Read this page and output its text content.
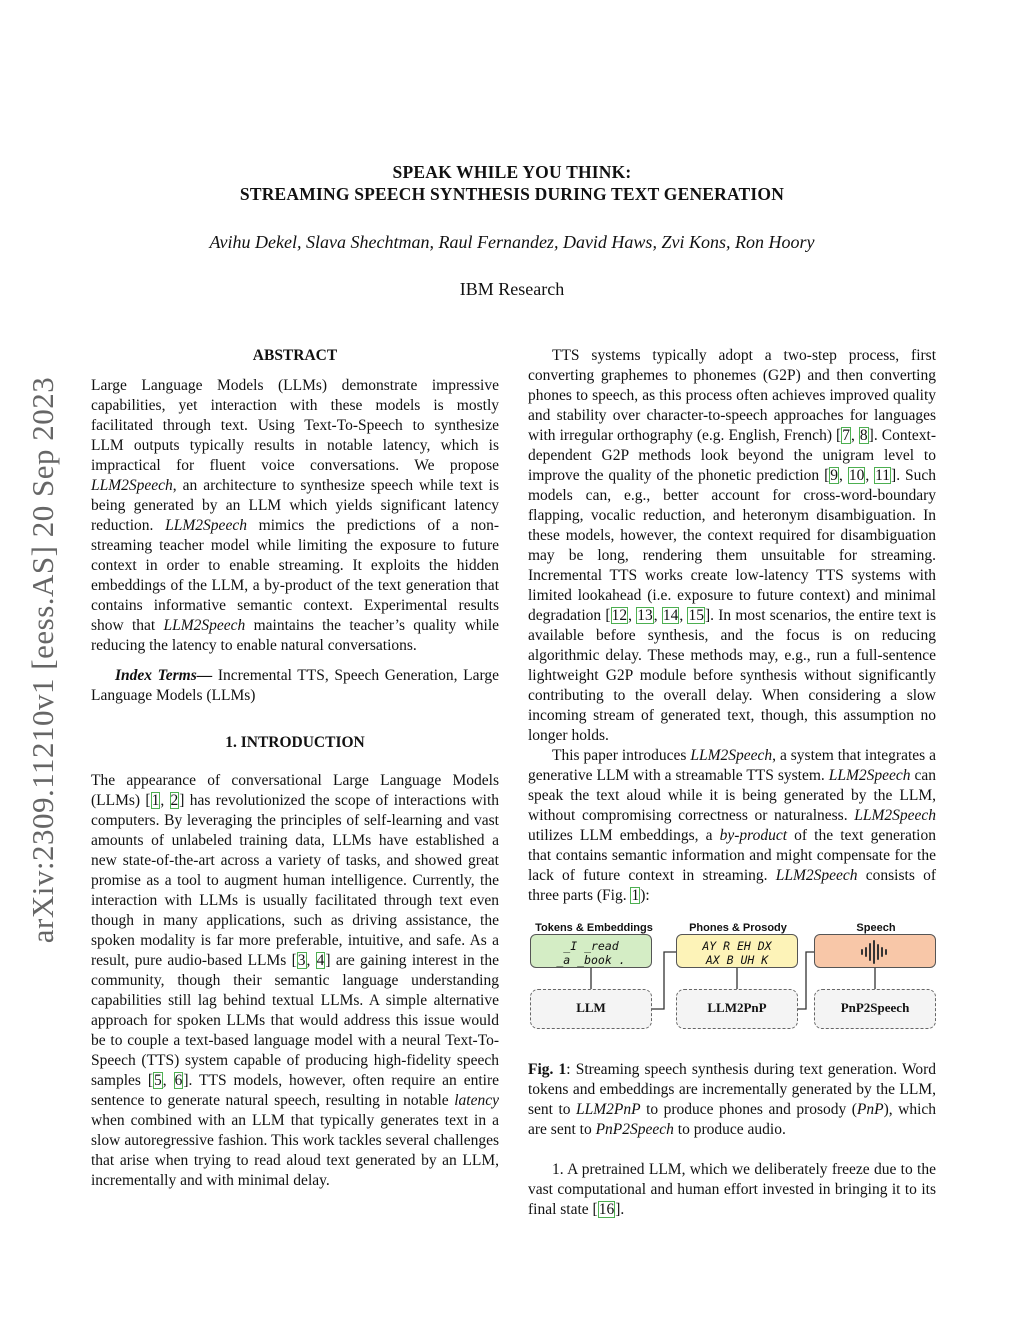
arXiv:2309.11210v1 [eess.AS] 20 Sep 2023
SPEAK WHILE YOU THINK:
STREAMING SPEECH SYNTHESIS DURING TEXT GENERATION
Avihu Dekel, Slava Shechtman, Raul Fernandez, David Haws, Zvi Kons, Ron Hoory
IBM Research
ABSTRACT

Large Language Models (LLMs) demonstrate impressive capabilities, yet interaction with these models is mostly facilitated through text. Using Text-To-Speech to synthesize LLM outputs typically results in notable latency, which is impractical for fluent voice conversations. We propose LLM2Speech, an architecture to synthesize speech while text is being generated by an LLM which yields significant latency reduction. LLM2Speech mimics the predictions of a non-streaming teacher model while limiting the exposure to future context in order to enable streaming. It exploits the hidden embeddings of the LLM, a by-product of the text generation that contains informative semantic context. Experimental results show that LLM2Speech maintains the teacher’s quality while reducing the latency to enable natural conversations.

Index Terms— Incremental TTS, Speech Generation, Large Language Models (LLMs)

1. INTRODUCTION

The appearance of conversational Large Language Models (LLMs) [1, 2] has revolutionized the scope of interactions with computers. By leveraging the principles of self-learning and vast amounts of unlabeled training data, LLMs have established a new state-of-the-art across a variety of tasks, and showed great promise as a tool to augment human intelligence. Currently, the interaction with LLMs is usually facilitated through text even though in many applications, such as driving assistance, the spoken modality is far more preferable, intuitive, and safe. As a result, pure audio-based LLMs [3, 4] are gaining interest in the community, though their semantic language understanding capabilities still lag behind textual LLMs. A simple alternative approach for spoken LLMs that would address this issue would be to couple a text-based language model with a neural Text-To-Speech (TTS) system capable of producing high-fidelity speech samples [5, 6]. TTS models, however, often require an entire sentence to generate natural speech, resulting in notable latency when combined with an LLM that typically generates text in a slow autoregressive fashion. This work tackles several challenges that arise when trying to read aloud text generated by an LLM, incrementally and with minimal delay.

TTS systems typically adopt a two-step process, first converting graphemes to phonemes (G2P) and then converting phones to speech, as this process often achieves improved quality and stability over character-to-speech approaches for languages with irregular orthography (e.g. English, French) [7, 8]. Context-dependent G2P methods look beyond the unigram level to improve the quality of the phonetic prediction [9, 10, 11]. Such models can, e.g., better account for cross-word-boundary flapping, vocalic reduction, and heteronym disambiguation. In these models, however, the context required for disambiguation may be long, rendering them unsuitable for streaming. Incremental TTS works create low-latency TTS systems with limited lookahead (i.e. exposure to future context) and minimal degradation [12, 13, 14, 15]. In most scenarios, the entire text is available before synthesis, and the focus is on reducing algorithmic delay. These methods may, e.g., run a full-sentence lightweight G2P module before synthesis without significantly contributing to the overall delay. When considering a slow incoming stream of generated text, though, this assumption no longer holds.

This paper introduces LLM2Speech, a system that integrates a generative LLM with a streamable TTS system. LLM2Speech can speak the text aloud while it is being generated by the LLM, without compromising correctness or naturalness. LLM2Speech utilizes LLM embeddings, a by-product of the text generation that contains semantic information and might compensate for the lack of future context in streaming. LLM2Speech consists of three parts (Fig. 1):

Tokens & Embeddings	Phones & Prosody	Speech
_I _read
_a _book .
AY R EH DX
AX B UH K
LLM	LLM2PnP	PnP2Speech

Fig. 1: Streaming speech synthesis during text generation. Word tokens and embeddings are incrementally generated by the LLM, sent to LLM2PnP to produce phones and prosody (PnP), which are sent to PnP2Speech to produce audio.

1. A pretrained LLM, which we deliberately freeze due to the vast computational and human effort invested in bringing it to its final state [16].
